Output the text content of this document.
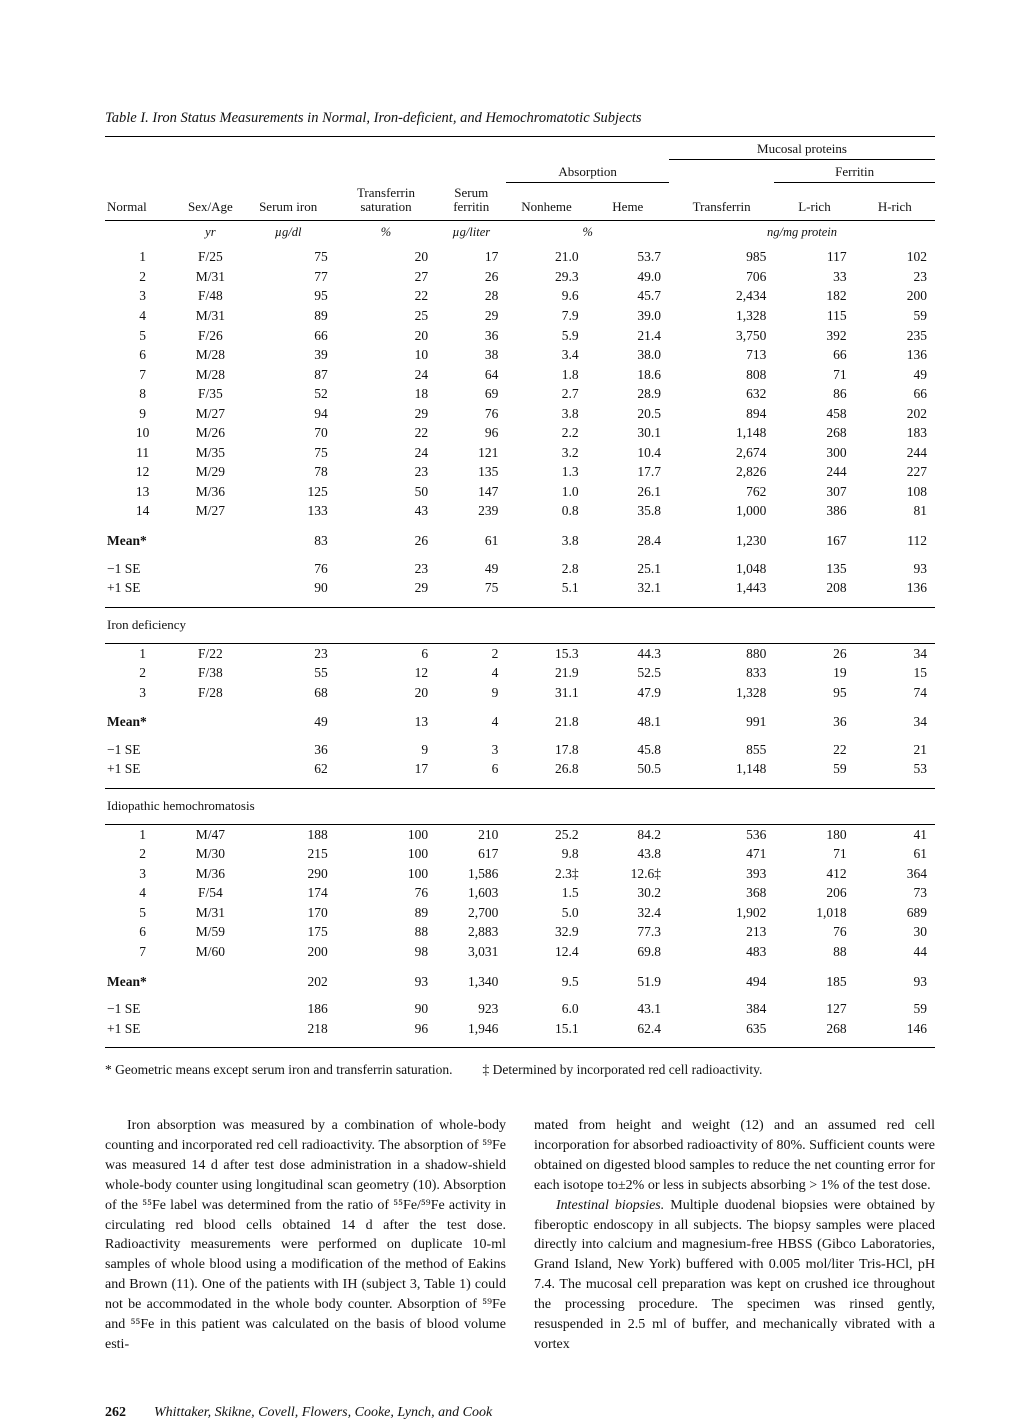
Table I. Iron Status Measurements in Normal, Iron-deficient, and Hemochromatotic Subjects

							Mucosal proteins		
					Absorption			Ferritin	
Normal	Sex/Age	Serum iron	Transferrin saturation	Serum ferritin	Nonheme	Heme	Transferrin	L-rich	H-rich
	yr	µg/dl	%	µg/liter	%		ng/mg protein		
1	F/25	75	20	17	21.0	53.7	985	117	102
2	M/31	77	27	26	29.3	49.0	706	33	23
3	F/48	95	22	28	9.6	45.7	2,434	182	200
4	M/31	89	25	29	7.9	39.0	1,328	115	59
5	F/26	66	20	36	5.9	21.4	3,750	392	235
6	M/28	39	10	38	3.4	38.0	713	66	136
7	M/28	87	24	64	1.8	18.6	808	71	49
8	F/35	52	18	69	2.7	28.9	632	86	66
9	M/27	94	29	76	3.8	20.5	894	458	202
10	M/26	70	22	96	2.2	30.1	1,148	268	183
11	M/35	75	24	121	3.2	10.4	2,674	300	244
12	M/29	78	23	135	1.3	17.7	2,826	244	227
13	M/36	125	50	147	1.0	26.1	762	307	108
14	M/27	133	43	239	0.8	35.8	1,000	386	81
Mean*		83	26	61	3.8	28.4	1,230	167	112
−1 SE		76	23	49	2.8	25.1	1,048	135	93
+1 SE		90	29	75	5.1	32.1	1,443	208	136
Iron deficiency									
1	F/22	23	6	2	15.3	44.3	880	26	34
2	F/38	55	12	4	21.9	52.5	833	19	15
3	F/28	68	20	9	31.1	47.9	1,328	95	74
Mean*		49	13	4	21.8	48.1	991	36	34
−1 SE		36	9	3	17.8	45.8	855	22	21
+1 SE		62	17	6	26.8	50.5	1,148	59	53
Idiopathic hemochromatosis									
1	M/47	188	100	210	25.2	84.2	536	180	41
2	M/30	215	100	617	9.8	43.8	471	71	61
3	M/36	290	100	1,586	2.3‡	12.6‡	393	412	364
4	F/54	174	76	1,603	1.5	30.2	368	206	73
5	M/31	170	89	2,700	5.0	32.4	1,902	1,018	689
6	M/59	175	88	2,883	32.9	77.3	213	76	30
7	M/60	200	98	3,031	12.4	69.8	483	88	44
Mean*		202	93	1,340	9.5	51.9	494	185	93
−1 SE		186	90	923	6.0	43.1	384	127	59
+1 SE		218	96	1,946	15.1	62.4	635	268	146

* Geometric means except serum iron and transferrin saturation. ‡ Determined by incorporated red cell radioactivity.

Iron absorption was measured by a combination of whole-body counting and incorporated red cell radioactivity. The absorption of ⁵⁹Fe was measured 14 d after test dose administration in a shadow-shield whole-body counter using longitudinal scan geometry (10). Absorption of the ⁵⁵Fe label was determined from the ratio of ⁵⁵Fe/⁵⁹Fe activity in circulating red blood cells obtained 14 d after the test dose. Radioactivity measurements were performed on duplicate 10-ml samples of whole blood using a modification of the method of Eakins and Brown (11). One of the patients with IH (subject 3, Table 1) could not be accommodated in the whole body counter. Absorption of ⁵⁹Fe and ⁵⁵Fe in this patient was calculated on the basis of blood volume esti-

mated from height and weight (12) and an assumed red cell incorporation for absorbed radioactivity of 80%. Sufficient counts were obtained on digested blood samples to reduce the net counting error for each isotope to±2% or less in subjects absorbing > 1% of the test dose.

Intestinal biopsies. Multiple duodenal biopsies were obtained by fiberoptic endoscopy in all subjects. The biopsy samples were placed directly into calcium and magnesium-free HBSS (Gibco Laboratories, Grand Island, New York) buffered with 0.005 mol/liter Tris-HCl, pH 7.4. The mucosal cell preparation was kept on crushed ice throughout the processing procedure. The specimen was rinsed gently, resuspended in 2.5 ml of buffer, and mechanically vibrated with a vortex

262 Whittaker, Skikne, Covell, Flowers, Cooke, Lynch, and Cook
